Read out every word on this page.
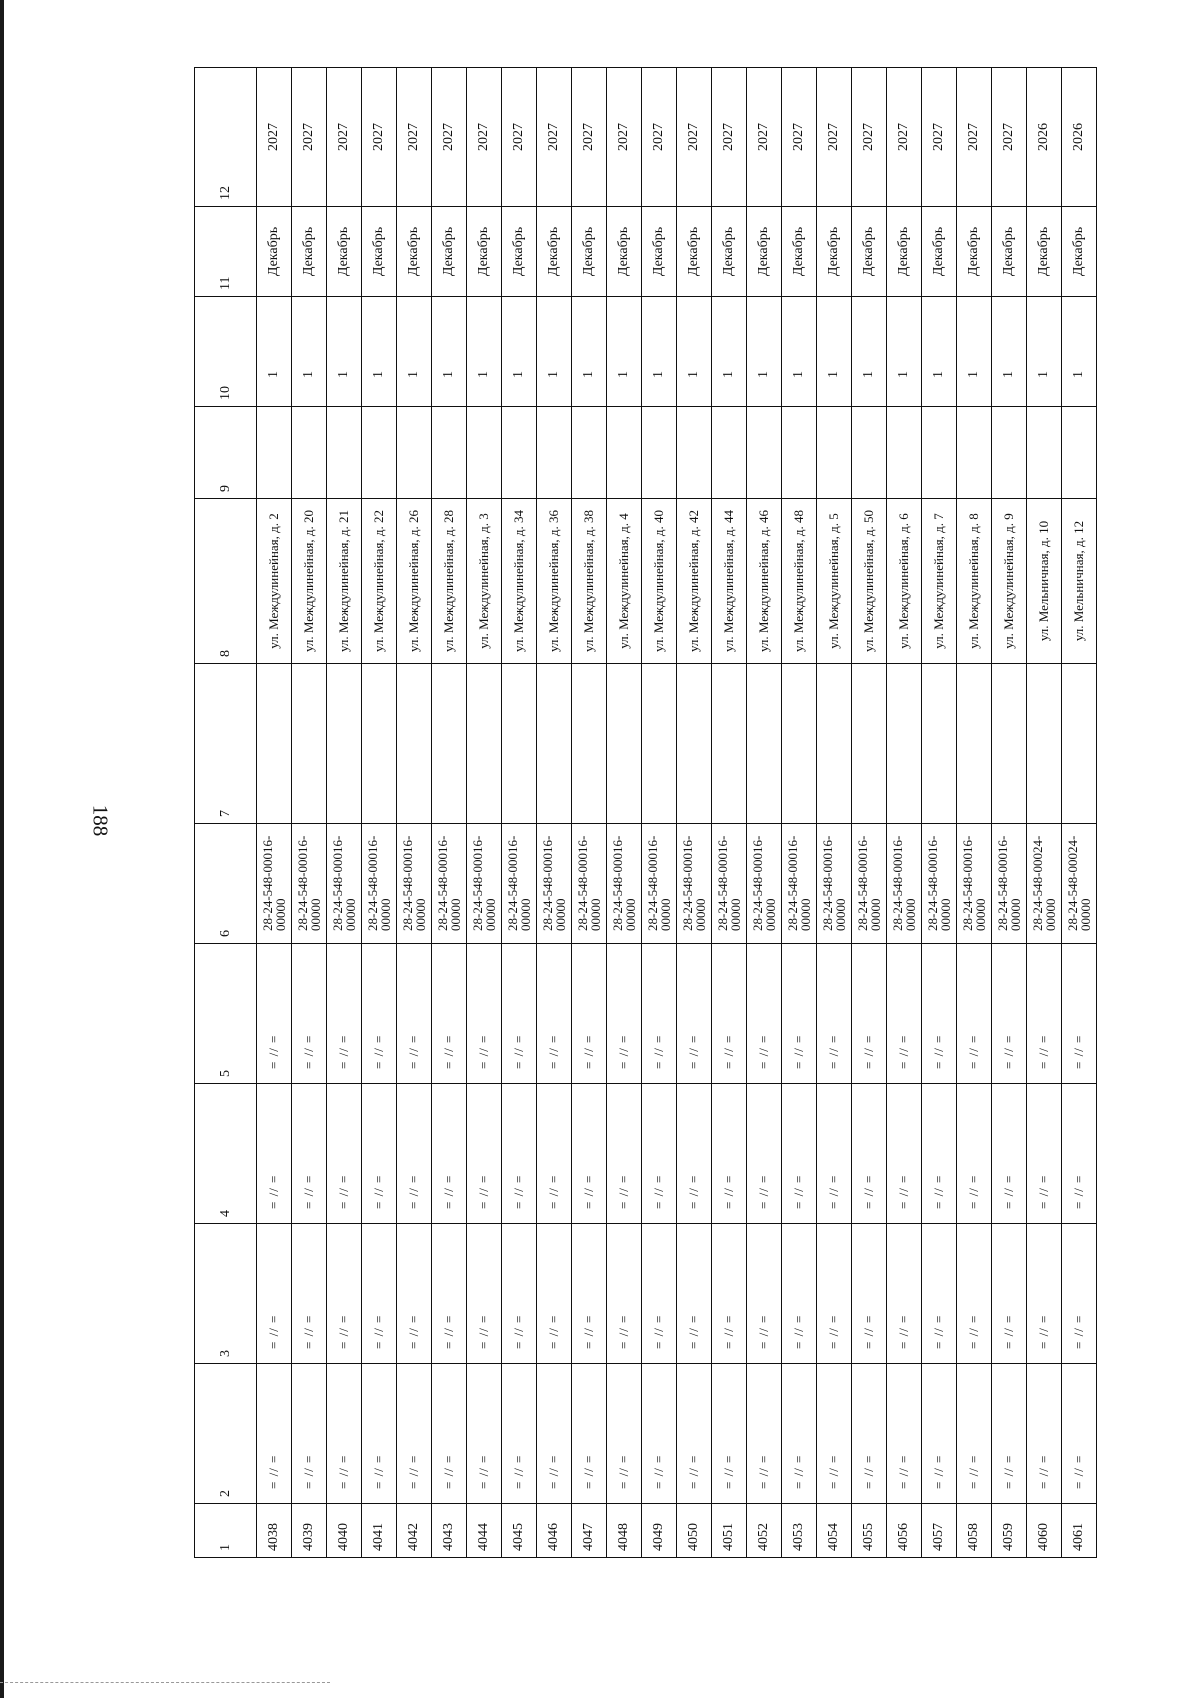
188
1	2	3	4	5	6	7	8	9	10	11	12
4038	= // =	= // =	= // =	= // =	28-24-548-00016-00000		ул. Междулинейная, д. 2		1	Декабрь	2027
4039	= // =	= // =	= // =	= // =	28-24-548-00016-00000		ул. Междулинейная, д. 20		1	Декабрь	2027
4040	= // =	= // =	= // =	= // =	28-24-548-00016-00000		ул. Междулинейная, д. 21		1	Декабрь	2027
4041	= // =	= // =	= // =	= // =	28-24-548-00016-00000		ул. Междулинейная, д. 22		1	Декабрь	2027
4042	= // =	= // =	= // =	= // =	28-24-548-00016-00000		ул. Междулинейная, д. 26		1	Декабрь	2027
4043	= // =	= // =	= // =	= // =	28-24-548-00016-00000		ул. Междулинейная, д. 28		1	Декабрь	2027
4044	= // =	= // =	= // =	= // =	28-24-548-00016-00000		ул. Междулинейная, д. 3		1	Декабрь	2027
4045	= // =	= // =	= // =	= // =	28-24-548-00016-00000		ул. Междулинейная, д. 34		1	Декабрь	2027
4046	= // =	= // =	= // =	= // =	28-24-548-00016-00000		ул. Междулинейная, д. 36		1	Декабрь	2027
4047	= // =	= // =	= // =	= // =	28-24-548-00016-00000		ул. Междулинейная, д. 38		1	Декабрь	2027
4048	= // =	= // =	= // =	= // =	28-24-548-00016-00000		ул. Междулинейная, д. 4		1	Декабрь	2027
4049	= // =	= // =	= // =	= // =	28-24-548-00016-00000		ул. Междулинейная, д. 40		1	Декабрь	2027
4050	= // =	= // =	= // =	= // =	28-24-548-00016-00000		ул. Междулинейная, д. 42		1	Декабрь	2027
4051	= // =	= // =	= // =	= // =	28-24-548-00016-00000		ул. Междулинейная, д. 44		1	Декабрь	2027
4052	= // =	= // =	= // =	= // =	28-24-548-00016-00000		ул. Междулинейная, д. 46		1	Декабрь	2027
4053	= // =	= // =	= // =	= // =	28-24-548-00016-00000		ул. Междулинейная, д. 48		1	Декабрь	2027
4054	= // =	= // =	= // =	= // =	28-24-548-00016-00000		ул. Междулинейная, д. 5		1	Декабрь	2027
4055	= // =	= // =	= // =	= // =	28-24-548-00016-00000		ул. Междулинейная, д. 50		1	Декабрь	2027
4056	= // =	= // =	= // =	= // =	28-24-548-00016-00000		ул. Междулинейная, д. 6		1	Декабрь	2027
4057	= // =	= // =	= // =	= // =	28-24-548-00016-00000		ул. Междулинейная, д. 7		1	Декабрь	2027
4058	= // =	= // =	= // =	= // =	28-24-548-00016-00000		ул. Междулинейная, д. 8		1	Декабрь	2027
4059	= // =	= // =	= // =	= // =	28-24-548-00016-00000		ул. Междулинейная, д. 9		1	Декабрь	2027
4060	= // =	= // =	= // =	= // =	28-24-548-00024-00000		ул. Мельничная, д. 10		1	Декабрь	2026
4061	= // =	= // =	= // =	= // =	28-24-548-00024-00000		ул. Мельничная, д. 12		1	Декабрь	2026
